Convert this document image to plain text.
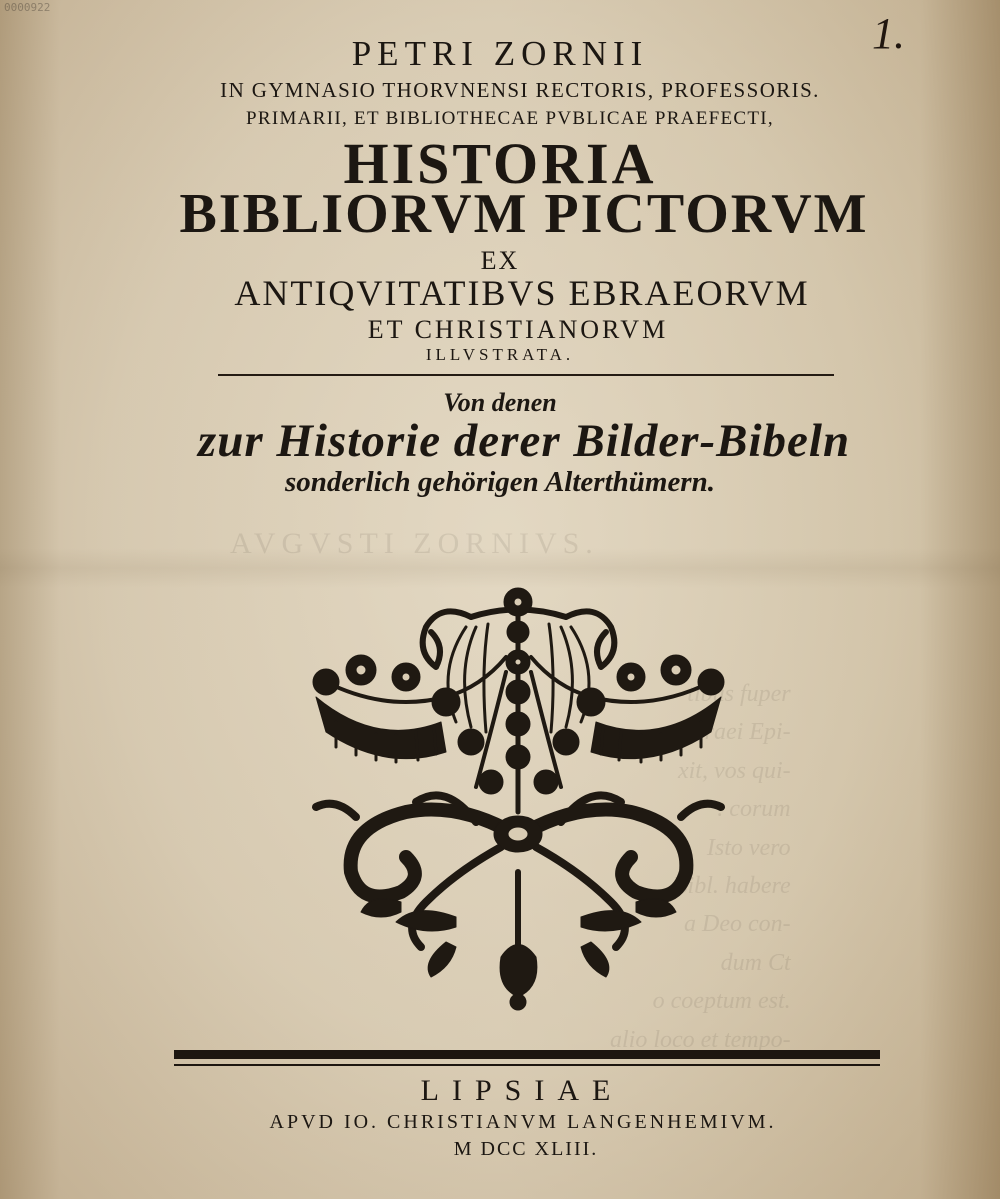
AVGVSTI ZORNIVS.
fuper
Epi-
xit, vos qui-
. corum
Isto vero
Bibl. habere
a Deo con-
dum Ct
o coeptum est.
alio loco et tempo-
0000922
1.
PETRI ZORNII
IN GYMNASIO THORVNENSI RECTORIS, PROFESSORIS.
PRIMARII, ET BIBLIOTHECAE PVBLICAE PRAEFECTI,
HISTORIA
BIBLIORVM PICTORVM
EX
ANTIQVITATIBVS EBRAEORVM
ET CHRISTIANORVM
ILLVSTRATA.
Von denen
zur Historie derer Bilder-Bibeln
sonderlich gehörigen Alterthümern.
LIPSIAE
APVD IO. CHRISTIANVM LANGENHEMIVM.
M DCC XLIII.
